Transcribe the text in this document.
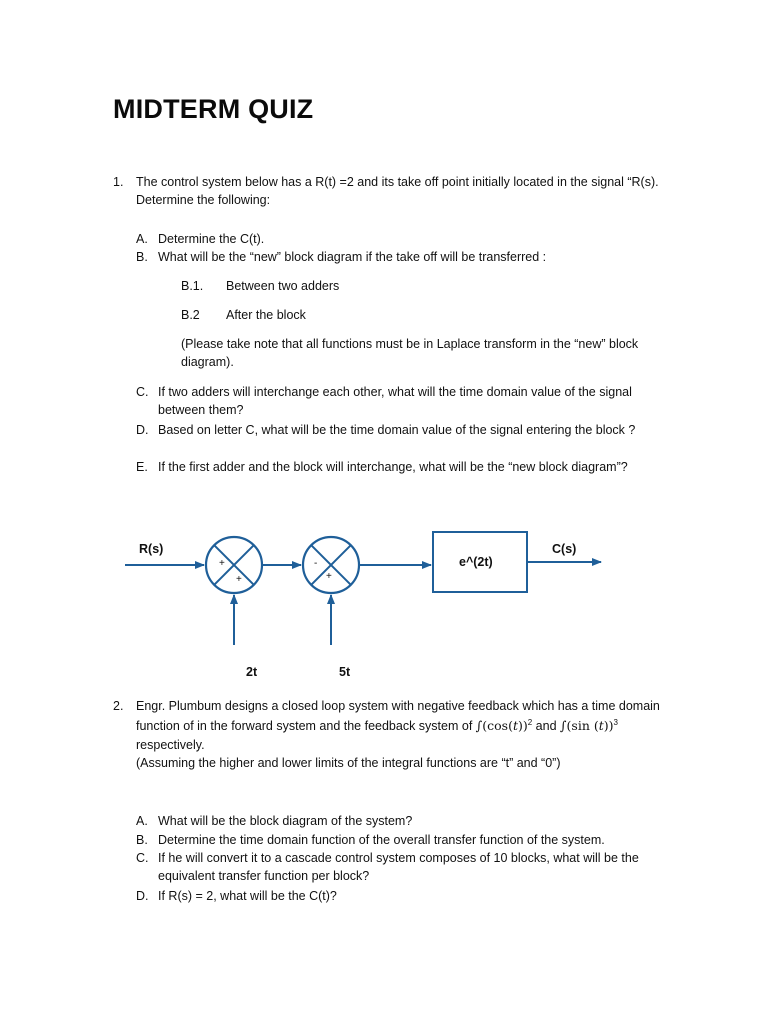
MIDTERM QUIZ
1. The control system below has a R(t) =2 and its take off point initially located in the signal “R(s).
Determine the following:
A. Determine the C(t).
B. What will be the “new” block diagram if the take off will be transferred :
B.1. Between two adders
B.2 After the block
(Please take note that all functions must be in Laplace transform in the “new” block
diagram).
C. If two adders will interchange each other, what will the time domain value of the signal
between them?
D. Based on letter C, what will be the time domain value of the signal entering the block ?
E. If the first adder and the block will interchange, what will be the “new block diagram”?
R(s)	C(s)
e^(2t)
+
+
-
+
2t	5t
2. Engr. Plumbum designs a closed loop system with negative feedback which has a time domain
function of in the forward system and the feedback system of ∫(cos(𝑡))$^2$ and ∫(sin (𝑡))$^3$
respectively.
(Assuming the higher and lower limits of the integral functions are “t” and “0”)
A. What will be the block diagram of the system?
B. Determine the time domain function of the overall transfer function of the system.
C. If he will convert it to a cascade control system composes of 10 blocks, what will be the
equivalent transfer function per block?
D. If R(s) = 2, what will be the C(t)?
